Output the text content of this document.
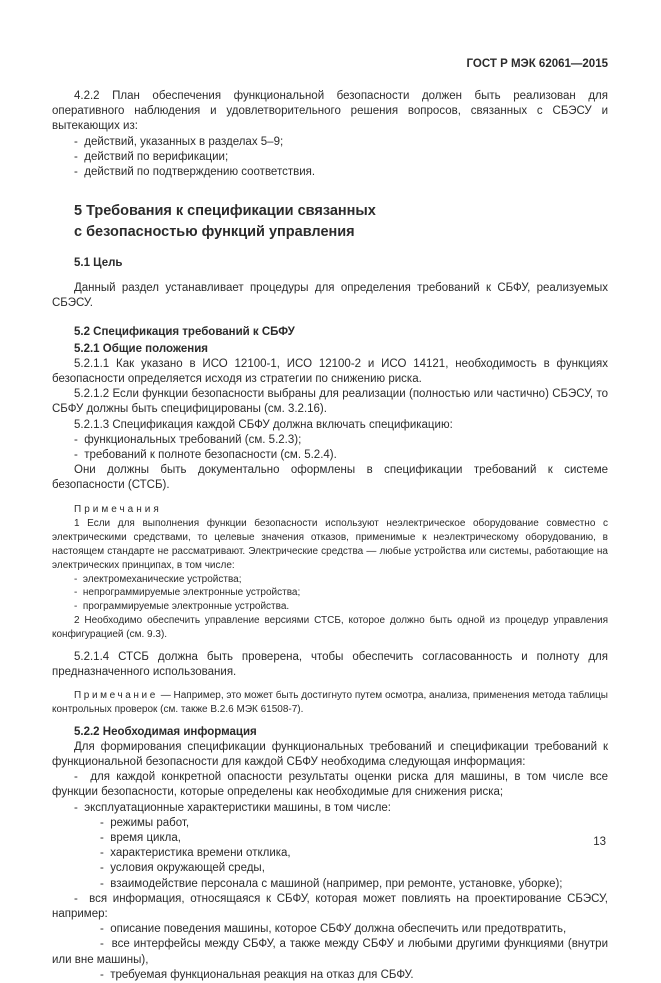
ГОСТ Р МЭК 62061—2015

4.2.2 План обеспечения функциональной безопасности должен быть реализован для оперативного наблюдения и удовлетворительного решения вопросов, связанных с СБЭСУ и вытекающих из:

-  действий, указанных в разделах 5–9;

-  действий по верификации;

-  действий по подтверждению соответствия.

5 Требования к спецификации связанных
с безопасностью функций управления
5.1 Цель

Данный раздел устанавливает процедуры для определения требований к СБФУ, реализуемых СБЭСУ.

5.2 Спецификация требований к СБФУ
5.2.1 Общие положения

5.2.1.1 Как указано в ИСО 12100-1, ИСО 12100-2 и ИСО 14121, необходимость в функциях безопасности определяется исходя из стратегии по снижению риска.

5.2.1.2 Если функции безопасности выбраны для реализации (полностью или частично) СБЭСУ, то СБФУ должны быть специфицированы (см. 3.2.16).

5.2.1.3 Спецификация каждой СБФУ должна включать спецификацию:

-  функциональных требований (см. 5.2.3);

-  требований к полноте безопасности (см. 5.2.4).

Они должны быть документально оформлены в спецификации требований к системе безопасности (СТСБ).

Примечания

1 Если для выполнения функции безопасности используют неэлектрическое оборудование совместно с электрическими средствами, то целевые значения отказов, применимые к неэлектрическому оборудованию, в настоящем стандарте не рассматривают. Электрические средства — любые устройства или системы, работающие на электрических принципах, в том числе:

-  электромеханические устройства;

-  непрограммируемые электронные устройства;

-  программируемые электронные устройства.

2 Необходимо обеспечить управление версиями СТСБ, которое должно быть одной из процедур управления конфигурацией (см. 9.3).

5.2.1.4 СТСБ должна быть проверена, чтобы обеспечить согласованность и полноту для предназначенного использования.

Примечание — Например, это может быть достигнуто путем осмотра, анализа, применения метода таблицы контрольных проверок (см. также В.2.6 МЭК 61508-7).

5.2.2 Необходимая информация

Для формирования спецификации функциональных требований и спецификации требований к функциональной безопасности для каждой СБФУ необходима следующая информация:

-  для каждой конкретной опасности результаты оценки риска для машины, в том числе все функции безопасности, которые определены как необходимые для снижения риска;

-  эксплуатационные характеристики машины, в том числе:

-  режимы работ,

-  время цикла,

-  характеристика времени отклика,

-  условия окружающей среды,

-  взаимодействие персонала с машиной (например, при ремонте, установке, уборке);

-  вся информация, относящаяся к СБФУ, которая может повлиять на проектирование СБЭСУ, например:

-  описание поведения машины, которое СБФУ должна обеспечить или предотвратить,

-  все интерфейсы между СБФУ, а также между СБФУ и любыми другими функциями (внутри или вне машины),

-  требуемая функциональная реакция на отказ для СБФУ.

13
